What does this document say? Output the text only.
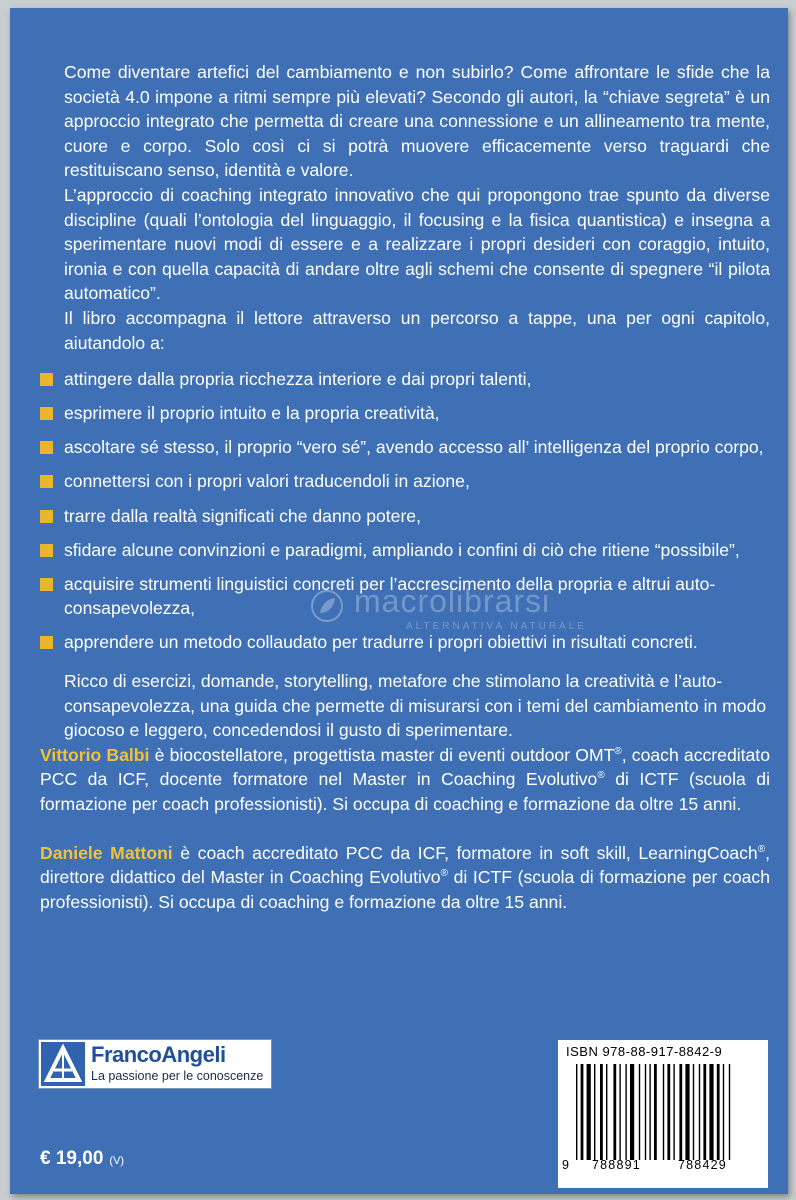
Come diventare artefici del cambiamento e non subirlo? Come affrontare le sfide che la società 4.0 impone a ritmi sempre più elevati? Secondo gli autori, la “chiave segreta” è un approccio integrato che permetta di creare una connessione e un allineamento tra mente, cuore e corpo. Solo così ci si potrà muovere efficacemente verso traguardi che restituiscano senso, identità e valore.

L’approccio di coaching integrato innovativo che qui propongono trae spunto da diverse discipline (quali l’ontologia del linguaggio, il focusing e la fisica quantistica) e insegna a sperimentare nuovi modi di essere e a realizzare i propri desideri con coraggio, intuito, ironia e con quella capacità di andare oltre agli schemi che consente di spegnere “il pilota automatico”.

Il libro accompagna il lettore attraverso un percorso a tappe, una per ogni capitolo, aiutandolo a:

attingere dalla propria ricchezza interiore e dai propri talenti,
esprimere il proprio intuito e la propria creatività,
ascoltare sé stesso, il proprio “vero sé”, avendo accesso all’ intelligenza del proprio corpo,
connettersi con i propri valori traducendoli in azione,
trarre dalla realtà significati che danno potere,
sfidare alcune convinzioni e paradigmi, ampliando i confini di ciò che ritiene “possibile”,
acquisire strumenti linguistici concreti per l’accrescimento della propria e altrui auto-consapevolezza,
apprendere un metodo collaudato per tradurre i propri obiettivi in risultati concreti.

Ricco di esercizi, domande, storytelling, metafore che stimolano la creatività e l’auto-consapevolezza, una guida che permette di misurarsi con i temi del cambiamento in modo giocoso e leggero, concedendosi il gusto di sperimentare.

Vittorio Balbi è biocostellatore, progettista master di eventi outdoor OMT®, coach accreditato PCC da ICF, docente formatore nel Master in Coaching Evolutivo® di ICTF (scuola di formazione per coach professionisti). Si occupa di coaching e formazione da oltre 15 anni.

Daniele Mattoni è coach accreditato PCC da ICF, formatore in soft skill, LearningCoach®, direttore didattico del Master in Coaching Evolutivo® di ICTF (scuola di formazione per coach professionisti). Si occupa di coaching e formazione da oltre 15 anni.

macrolibrarsi
ALTERNATIVA NATURALE
FrancoAngeli
La passione per le conoscenze
ISBN 978-88-917-8842-9
9 788891	788429
€ 19,00 (V)
